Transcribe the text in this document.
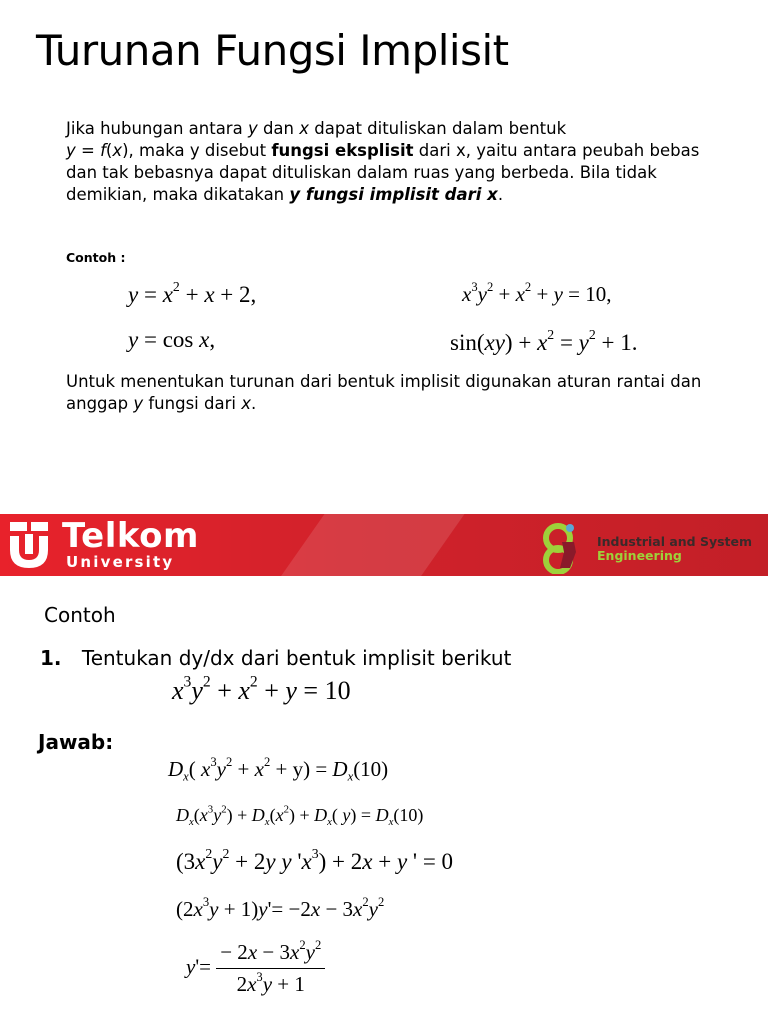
Turunan Fungsi Implisit
Jika hubungan antara y dan x dapat dituliskan dalam bentuk
y = f(x), maka y disebut fungsi eksplisit dari x, yaitu antara peubah bebas dan tak bebasnya dapat dituliskan dalam ruas yang berbeda. Bila tidak demikian, maka dikatakan y fungsi implisit dari x.
Contoh :
$y = x^2 + x + 2$,	$x^3y^2 + x^2 + y = 10$,
y = cos x,	$\sin(xy) + x^2 = y^2 + 1$.
Untuk menentukan turunan dari bentuk implisit digunakan aturan rantai dan anggap y fungsi dari x.
Telkom
University
Industrial and System
Engineering
Contoh
1. Tentukan dy/dx dari bentuk implisit berikut
$x^3y^2 + x^2 + y = 10$
Jawab:
$D_x$( $x^3y^2 + x^2 + y) = D_x(10)$
$D_x(x^3y^2) + D_x(x^2) + D_x$( $y) = D_x(10)$
($3x^2y^2 + 2y$ y '$x^3) + 2x + y$ ' = 0
$(2x^3y + 1)y'= -2x - 3x^2y^2$
$y'= \frac{- 2x - 3x^2y^2}{2x^3y + 1}$
